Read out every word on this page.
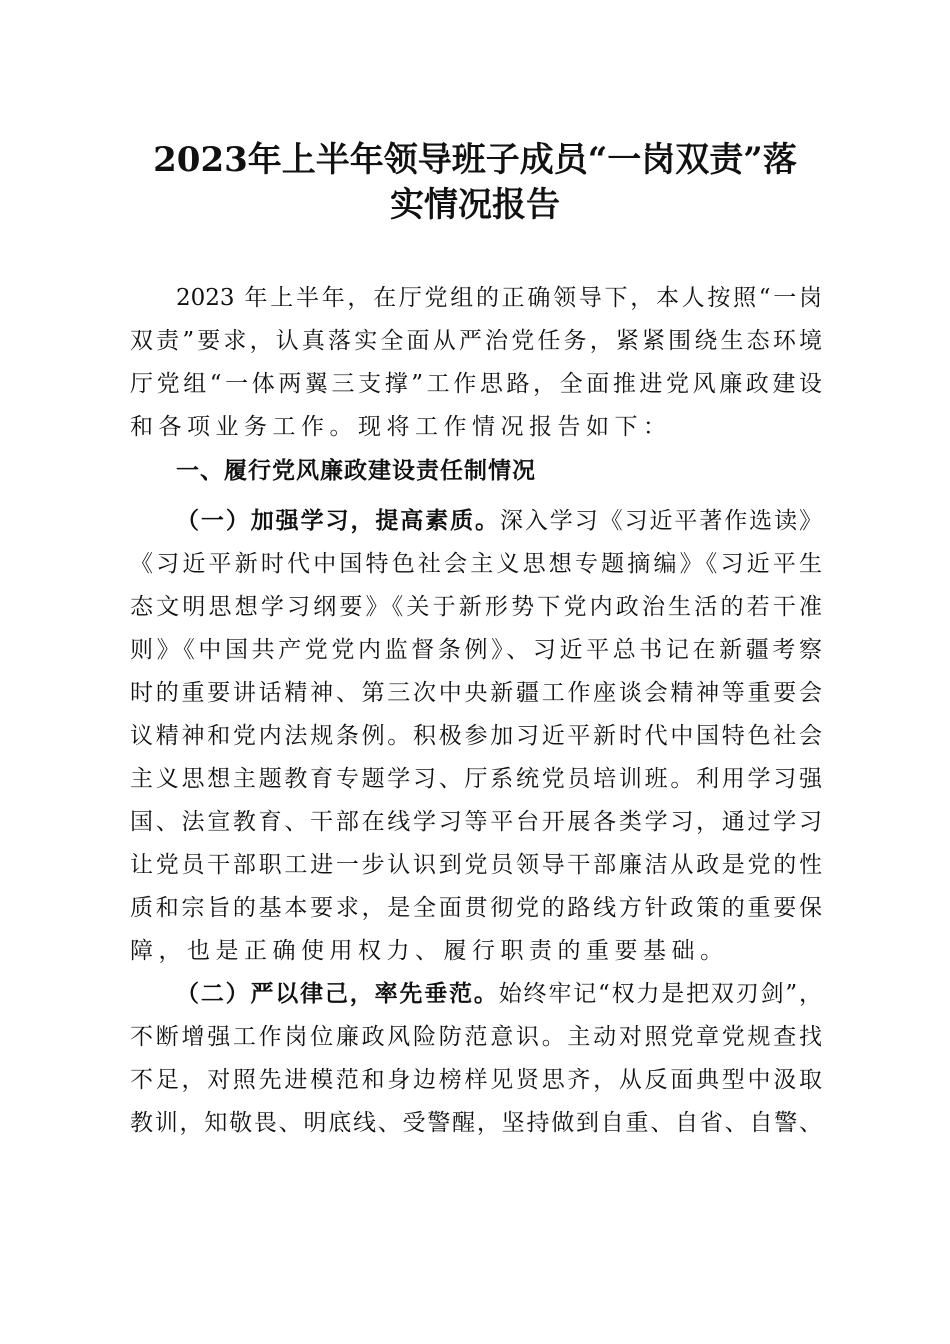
2023年上半年领导班子成员“一岗双责”落
实情况报告
2023 年上半年，在厅党组的正确领导下，本人按照“一岗
双责”要求，认真落实全面从严治党任务，紧紧围绕生态环境
厅党组“一体两翼三支撑”工作思路，全面推进党风廉政建设
和各项业务工作。现将工作情况报告如下：
一、履行党风廉政建设责任制情况
（一）加强学习，提高素质。深入学习《习近平著作选读》
《习近平新时代中国特色社会主义思想专题摘编》《习近平生
态文明思想学习纲要》《关于新形势下党内政治生活的若干准
则》《中国共产党党内监督条例》、习近平总书记在新疆考察
时的重要讲话精神、第三次中央新疆工作座谈会精神等重要会
议精神和党内法规条例。积极参加习近平新时代中国特色社会
主义思想主题教育专题学习、厅系统党员培训班。利用学习强
国、法宣教育、干部在线学习等平台开展各类学习，通过学习
让党员干部职工进一步认识到党员领导干部廉洁从政是党的性
质和宗旨的基本要求，是全面贯彻党的路线方针政策的重要保
障，也是正确使用权力、履行职责的重要基础。
（二）严以律己，率先垂范。始终牢记“权力是把双刃剑”，
不断增强工作岗位廉政风险防范意识。主动对照党章党规查找
不足，对照先进模范和身边榜样见贤思齐，从反面典型中汲取
教训，知敬畏、明底线、受警醒，坚持做到自重、自省、自警、
